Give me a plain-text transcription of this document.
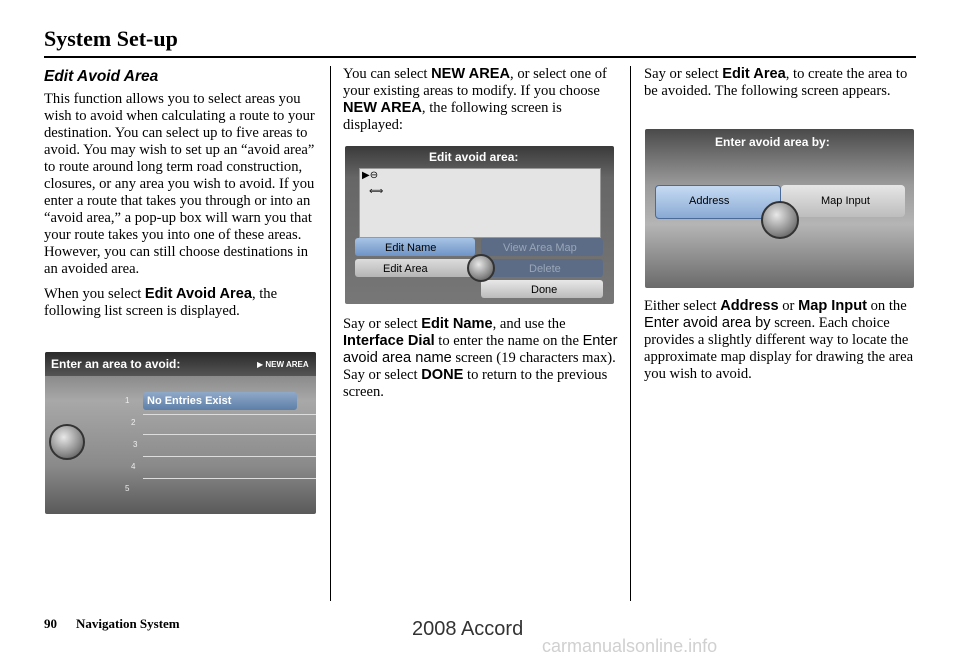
System Set-up
Edit Avoid Area

This function allows you to select areas you wish to avoid when calculating a route to your destination. You can select up to five areas to avoid. You may wish to set up an “avoid area” to route around long term road construction, closures, or any area you wish to avoid. If you enter a route that takes you through or into an “avoid area,” a pop-up box will warn you that your route takes you into one of these areas. However, you can still choose destinations in an avoided area.

When you select Edit Avoid Area, the following list screen is displayed.

Enter an area to avoid:	▶ NEW AREA
No Entries Exist
1
2
3
4
5

You can select NEW AREA, or select one of your existing areas to modify. If you choose NEW AREA, the following screen is displayed:

Edit avoid area:
▶⊖
⟺
Edit Name
Edit Area
View Area Map
Delete
Done

Say or select Edit Name, and use the Interface Dial to enter the name on the Enter avoid area name screen (19 characters max). Say or select DONE to return to the previous screen.

Say or select Edit Area, to create the area to be avoided. The following screen appears.

Enter avoid area by:
Address	Map Input

Either select Address or Map Input on the Enter avoid area by screen. Each choice provides a slightly different way to locate the approximate map display for drawing the area you wish to avoid.

90 Navigation System	2008 Accord
carmanualsonline.info
